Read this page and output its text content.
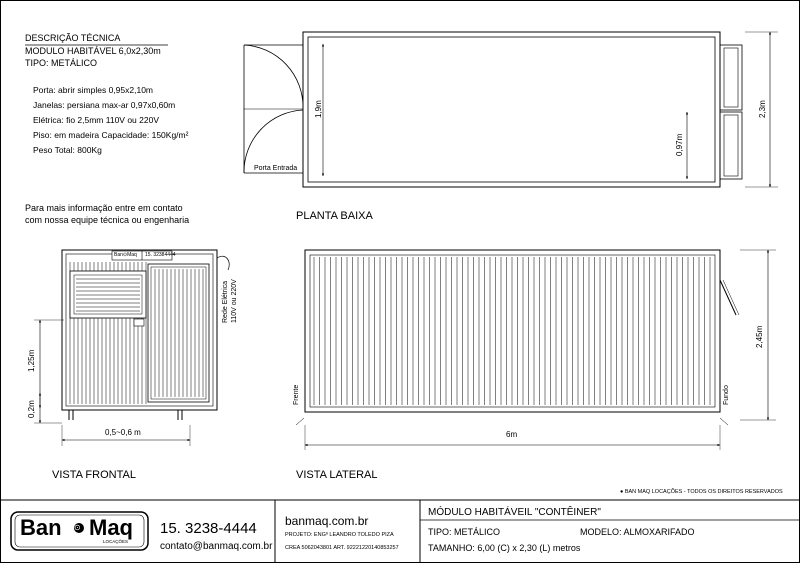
DESCRIÇÃO TÉCNICA
MODULO HABITÁVEL 6,0x2,30m
TIPO: METÁLICO
Porta: abrir simples 0,95x2,10m
Janelas: persiana max-ar 0,97x0,60m
Elétrica: fio 2,5mm 110V ou 220V
Piso: em madeira Capacidade: 150Kg/m²
Peso Total: 800Kg
Para mais informação entre em contato
com nossa equipe técnica ou engenharia	PLANTA BAIXA
1,9m
0,97m
2,3m
Porta Entrada
Ban⊙Maq 15. 32384444
Rede Elétrica 110V ou 220V
1,25m
0,2m
0,5~0,6 m
VISTA FRONTAL
Frente	Fundo
2,45m
6m
VISTA LATERAL
● BAN MAQ LOCAÇÕES - TODOS OS DIREITOS RESERVADOS
Ban Maq
LOCAÇÕES
⊙	15. 3238-4444
contato@banmaq.com.br
banmaq.com.br
PROJETO: ENGº LEANDRO TOLEDO PIZA
CREA 5062043801 ART. 92221220140853257
MÓDULO HABITÁVEIL "CONTÊINER"
TIPO: METÁLICO	MODELO: ALMOXARIFADO
TAMANHO: 6,00 (C) x 2,30 (L) metros
